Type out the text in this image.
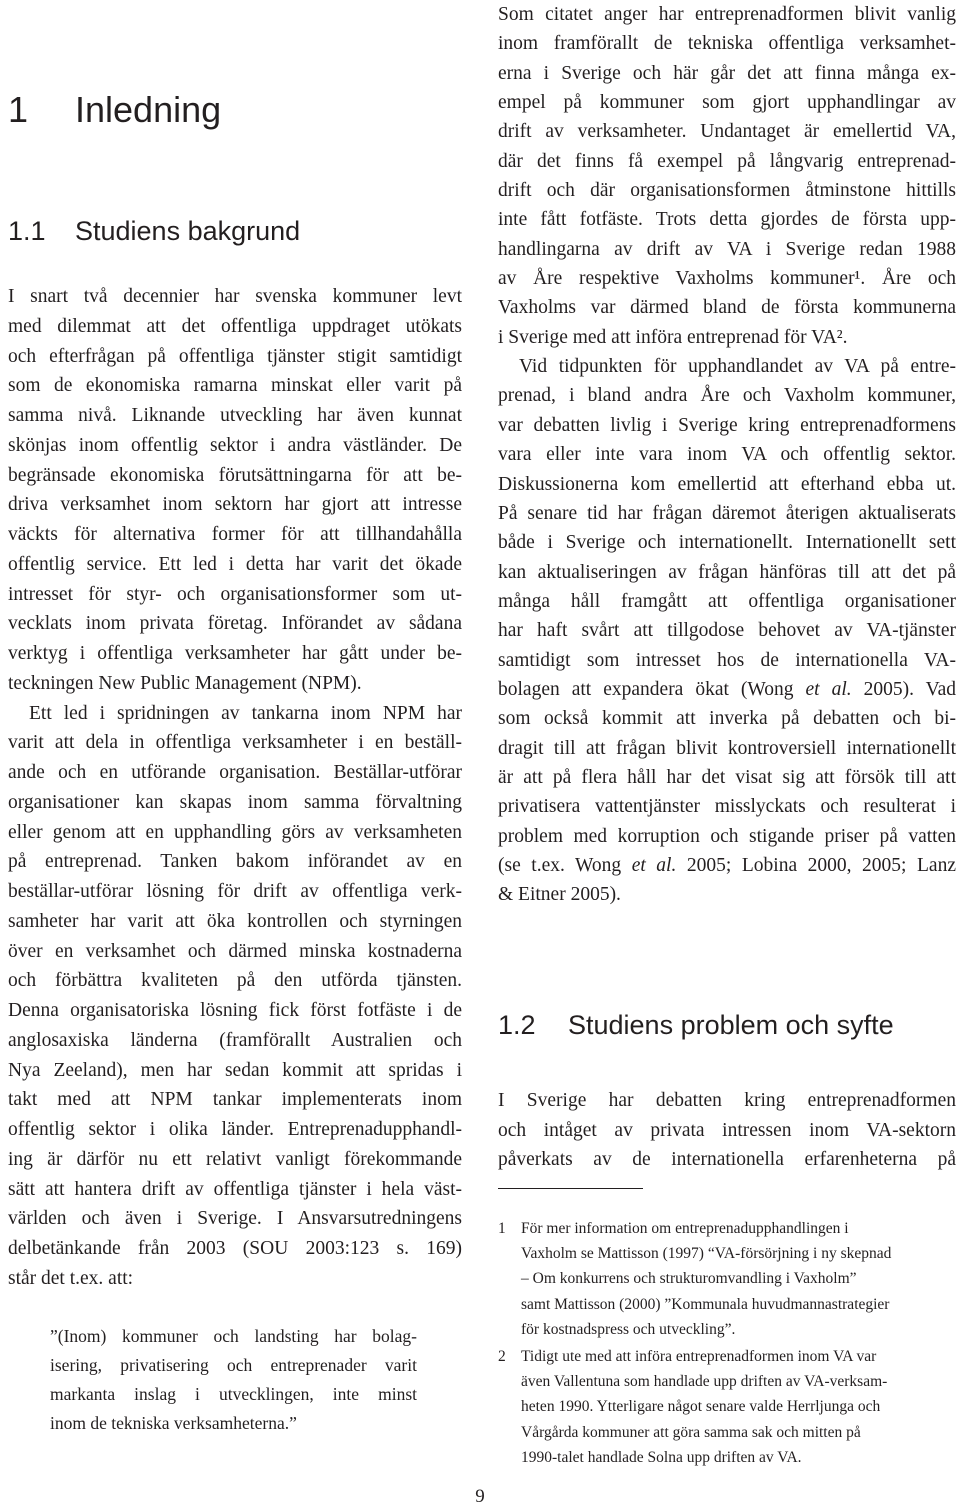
1 Inledning
1.1 Studiens bakgrund
I snart två decennier har svenska kommuner levt
med dilemmat att det offentliga uppdraget utökats
och efterfrågan på offentliga tjänster stigit samtidigt
som de ekonomiska ramarna minskat eller varit på
samma nivå. Liknande utveckling har även kunnat
skönjas inom offentlig sektor i andra västländer. De
begränsade ekonomiska förutsättningarna för att be-
driva verksamhet inom sektorn har gjort att intresse
väckts för alternativa former för att tillhandahålla
offentlig service. Ett led i detta har varit det ökade
intresset för styr- och organisationsformer som ut-
vecklats inom privata företag. Införandet av sådana
verktyg i offentliga verksamheter har gått under be-
teckningen New Public Management (NPM).
Ett led i spridningen av tankarna inom NPM har
varit att dela in offentliga verksamheter i en beställ-
ande och en utförande organisation. Beställar-utförar
organisationer kan skapas inom samma förvaltning
eller genom att en upphandling görs av verksamheten
på entreprenad. Tanken bakom införandet av en
beställar-utförar lösning för drift av offentliga verk-
samheter har varit att öka kontrollen och styrningen
över en verksamhet och därmed minska kostnaderna
och förbättra kvaliteten på den utförda tjänsten.
Denna organisatoriska lösning fick först fotfäste i de
anglosaxiska länderna (framförallt Australien och
Nya Zeeland), men har sedan kommit att spridas i
takt med att NPM tankar implementerats inom
offentlig sektor i olika länder. Entreprenadupphandl-
ing är därför nu ett relativt vanligt förekommande
sätt att hantera drift av offentliga tjänster i hela väst-
världen och även i Sverige. I Ansvarsutredningens
delbetänkande från 2003 (SOU 2003:123 s. 169)
står det t.ex. att:
”(Inom) kommuner och landsting har bolag-
isering, privatisering och entreprenader varit
markanta inslag i utvecklingen, inte minst
inom de tekniska verksamheterna.”
Som citatet anger har entreprenadformen blivit vanlig
inom framförallt de tekniska offentliga verksamhet-
erna i Sverige och här går det att finna många ex-
empel på kommuner som gjort upphandlingar av
drift av verksamheter. Undantaget är emellertid VA,
där det finns få exempel på långvarig entreprenad-
drift och där organisationsformen åtminstone hittills
inte fått fotfäste. Trots detta gjordes de första upp-
handlingarna av drift av VA i Sverige redan 1988
av Åre respektive Vaxholms kommuner¹. Åre och
Vaxholms var därmed bland de första kommunerna
i Sverige med att införa entreprenad för VA².
Vid tidpunkten för upphandlandet av VA på entre-
prenad, i bland andra Åre och Vaxholm kommuner,
var debatten livlig i Sverige kring entreprenadformens
vara eller inte vara inom VA och offentlig sektor.
Diskussionerna kom emellertid att efterhand ebba ut.
På senare tid har frågan däremot återigen aktualiserats
både i Sverige och internationellt. Internationellt sett
kan aktualiseringen av frågan hänföras till att det på
många håll framgått att offentliga organisationer
har haft svårt att tillgodose behovet av VA-tjänster
samtidigt som intresset hos de internationella VA-
bolagen att expandera ökat (Wong et al. 2005). Vad
som också kommit att inverka på debatten och bi-
dragit till att frågan blivit kontroversiell internationellt
är att på flera håll har det visat sig att försök till att
privatisera vattentjänster misslyckats och resulterat i
problem med korruption och stigande priser på vatten
(se t.ex. Wong et al. 2005; Lobina 2000, 2005; Lanz
& Eitner 2005).
1.2 Studiens problem och syfte
I Sverige har debatten kring entreprenadformen
och intåget av privata intressen inom VA-sektorn
påverkats av de internationella erfarenheterna på
1 För mer information om entreprenadupphandlingen i
Vaxholm se Mattisson (1997) “VA-försörjning i ny skepnad
– Om konkurrens och strukturomvandling i Vaxholm”
samt Mattisson (2000) ”Kommunala huvudmannastrategier
för kostnadspress och utveckling”.
2 Tidigt ute med att införa entreprenadformen inom VA var
även Vallentuna som handlade upp driften av VA-verksam-
heten 1990. Ytterligare något senare valde Herrljunga och
Vårgårda kommuner att göra samma sak och mitten på
1990-talet handlade Solna upp driften av VA.
9
